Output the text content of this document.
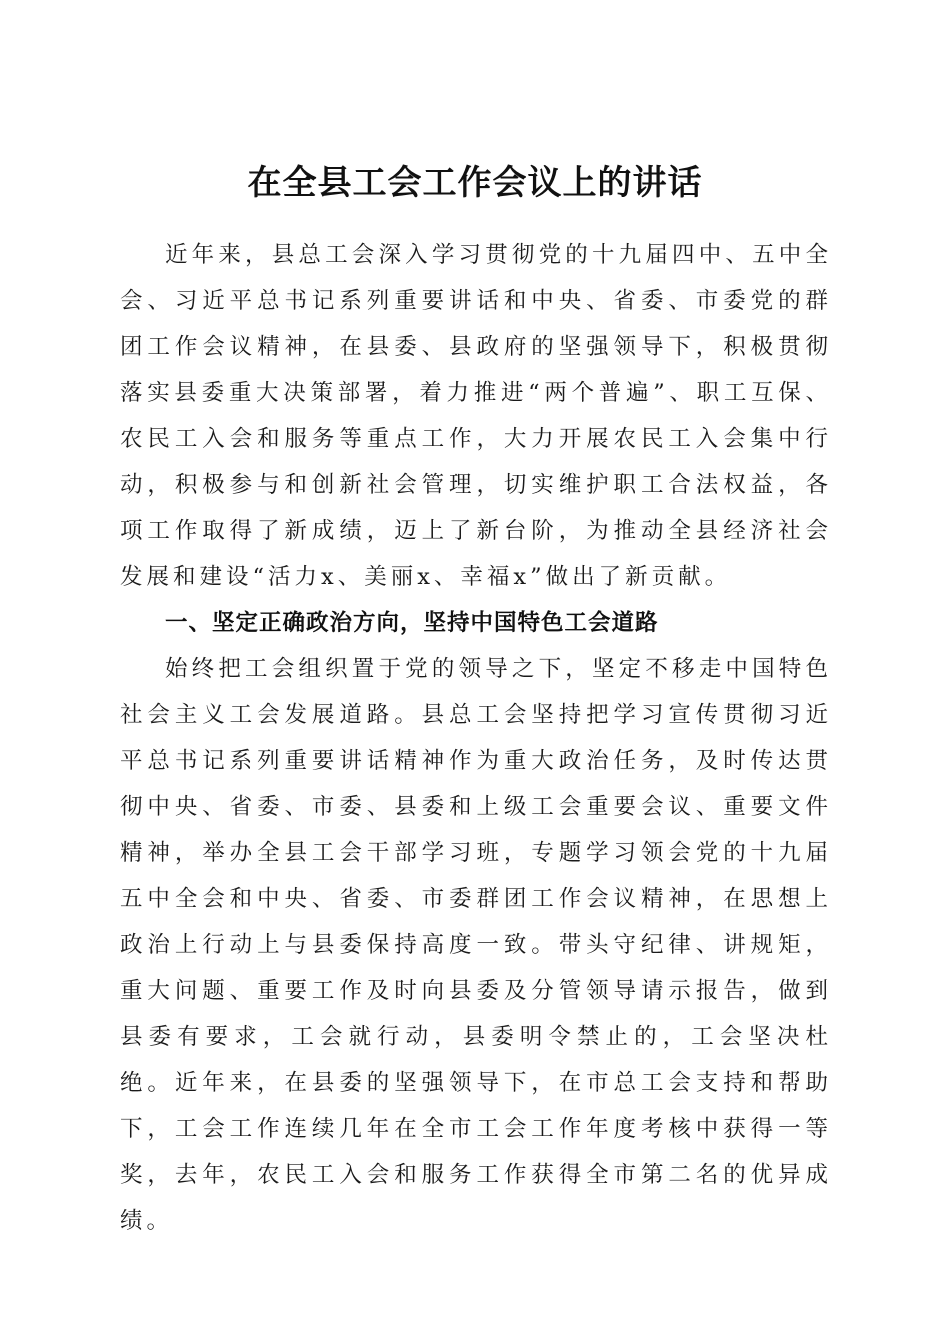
在全县工会工作会议上的讲话

近年来，县总工会深入学习贯彻党的十九届四中、五中全会、习近平总书记系列重要讲话和中央、省委、市委党的群团工作会议精神，在县委、县政府的坚强领导下，积极贯彻落实县委重大决策部署，着力推进“两个普遍”、职工互保、农民工入会和服务等重点工作，大力开展农民工入会集中行动，积极参与和创新社会管理，切实维护职工合法权益，各项工作取得了新成绩，迈上了新台阶，为推动全县经济社会发展和建设“活力x、美丽x、幸福x”做出了新贡献。

一、坚定正确政治方向，坚持中国特色工会道路

始终把工会组织置于党的领导之下，坚定不移走中国特色社会主义工会发展道路。县总工会坚持把学习宣传贯彻习近平总书记系列重要讲话精神作为重大政治任务，及时传达贯彻中央、省委、市委、县委和上级工会重要会议、重要文件精神，举办全县工会干部学习班，专题学习领会党的十九届五中全会和中央、省委、市委群团工作会议精神，在思想上政治上行动上与县委保持高度一致。带头守纪律、讲规矩，重大问题、重要工作及时向县委及分管领导请示报告，做到县委有要求，工会就行动，县委明令禁止的，工会坚决杜绝。近年来，在县委的坚强领导下，在市总工会支持和帮助下，工会工作连续几年在全市工会工作年度考核中获得一等奖，去年，农民工入会和服务工作获得全市第二名的优异成绩。
